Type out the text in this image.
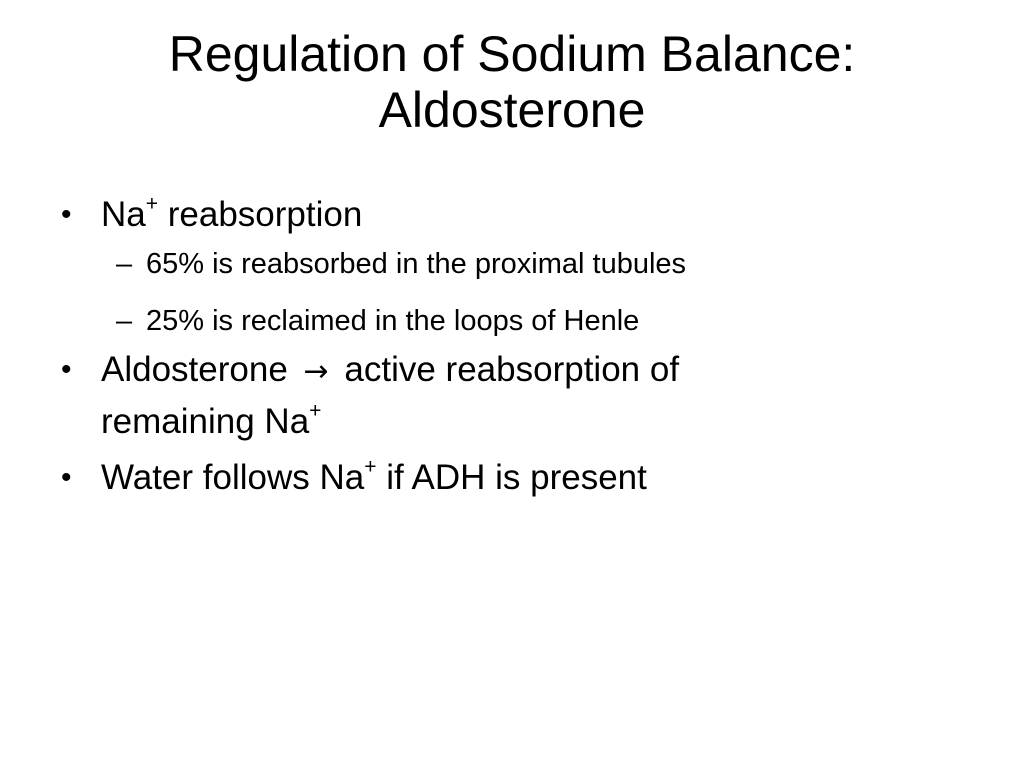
Regulation of Sodium Balance:
Aldosterone
• Na+ reabsorption
– 65% is reabsorbed in the proximal tubules
– 25% is reclaimed in the loops of Henle
• Aldosterone → active reabsorption of
remaining Na+
• Water follows Na+ if ADH is present
